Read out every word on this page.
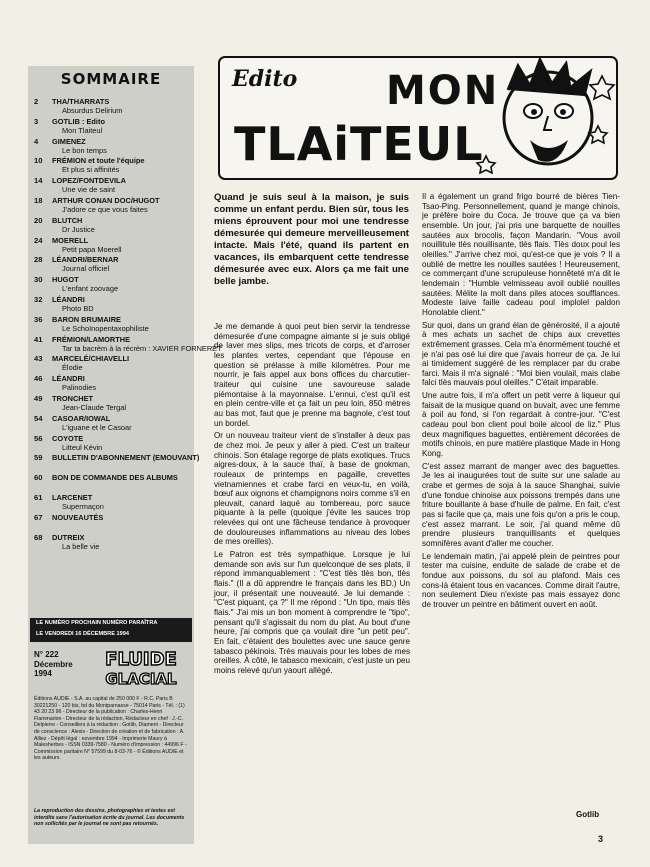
SOMMAIRE
2	THA/THARRATS
Absurdus Delirium
3	GOTLIB : Edito
Mon Tlaiteul
4	GIMENEZ
Le bon temps
10	FRÉMION et toute l'équipe
Et plus si affinités
14	LOPEZ/FONTDEVILA
Une vie de saint
18	ARTHUR CONAN DOC/HUGOT
J'adore ce que vous faites
20	BLUTCH
Dr Justice
24	MOERELL
Petit papa Moerell
28	LÉANDRI/BERNAR
Journal officiel
30	HUGOT
L'enfant zoovage
32	LÉANDRI
Photo BD
36	BARON BRUMAIRE
Le Schoïnopentaxophiliste
41	FRÉMION/LAMORTHE
Tar ta bacrèm à la récrèm : XAVIER FORNERET
43	MARCELÉ/CHIAVELLI
Élodie
46	LÉANDRI
Palinodies
49	TRONCHET
Jean-Claude Tergal
54	CASOAR/IOWAL
L'iguane et le Casoar
56	COYOTE
Litteul Kévin
59	BULLETIN D'ABONNEMENT (EMOUVANT)
60	BON DE COMMANDE DES ALBUMS
61	LARCENET
Supermaçon
67	NOUVEAUTÉS
68	DUTREIX
La belle vie
LE NUMÉRO PROCHAIN NUMÉRO PARAÎTRA
LE VENDREDI 16 DÉCEMBRE 1994
N° 222
Décembre
1994
FLUIDE
GLACIAL
Éditions AUDIE - S.A. au capital de 250 000 F - R.C. Paris B 30221250 - 120 bis, bd du Montparnasse - 75014 Paris - Tél. : (1) 43 20 23 96 - Directeur de la publication : Charles-Henri Flammarion - Directeur de la rédaction, Rédacteur en chef : J.-C. Delpierre - Conseillers à la rédaction : Gotlib, Diament - Directeur de conscience : Alexis - Direction de création et de fabrication : A. Alliez - Dépôt légal : novembre 1994 - Imprimerie Maury à Malesherbes - ISSN 0339-7580 - Numéro d'impression : 44996 F - Commission paritaire N° 57599 du 8-03-76 - © Éditions AUDIE et les auteurs.
La reproduction des dessins, photographies et textes est interdite sans l'autorisation écrite du journal. Les documents non sollicités par le journal ne sont pas retournés.
Edito MON
TLAiTEUL
Quand je suis seul à la maison, je suis comme un enfant perdu. Bien sûr, tous les miens éprouvent pour moi une tendresse démesurée qui demeure merveilleusement intacte. Mais l'été, quand ils partent en vacances, ils embarquent cette tendresse démesurée avec eux. Alors ça me fait une belle jambe.

Je me demande à quoi peut bien servir la tendresse démesurée d'une compagne aimante si je suis obligé de laver mes slips, mes tricots de corps, et d'arroser les plantes vertes, cependant que l'épouse en question se prélasse à mille kilomètres. Pour me nourrir, je fais appel aux bons offices du charcutier-traiteur qui cuisine une savoureuse salade piémontaise à la mayonnaise. L'ennui, c'est qu'il est en plein centre-ville et ça fait un peu loin, 850 mètres au bas mot, faut que je prenne ma bagnole, c'est tout un bordel.

Or un nouveau traiteur vient de s'installer à deux pas de chez moi. Je peux y aller à pied. C'est un traiteur chinois. Son étalage regorge de plats exotiques. Trucs aigres-doux, à la sauce thaï, à base de gnokman, rouleaux de printemps en pagaille, crevettes vietnamiennes et crabe farci en veux-tu, en voilà, bœuf aux oignons et champignons noirs comme s'il en pleuvait, canard laqué au tombereau, porc sauce piquante à la pelle (quoique j'évite les sauces trop relevées qui ont une fâcheuse tendance à provoquer de douloureuses inflammations au niveau des lobes de mes oreilles).

Le Patron est très sympathique. Lorsque je lui demande son avis sur l'un quelconque de ses plats, il répond immanquablement : "C'est tlès tlès bon, tlès flais." (Il a dû apprendre le français dans les BD.) Un jour, il présentait une nouveauté. Je lui demande : "C'est piquant, ça ?" Il me répond : "Un tipo, mais tlès flais." J'ai mis un bon moment à comprendre le "tipo", pensant qu'il s'agissait du nom du plat. Au bout d'une heure, j'ai compris que ça voulait dire "un petit peu". En fait, c'étaient des boulettes avec une sauce genre tabasco pékinois. Très mauvais pour les lobes de mes oreilles. À côté, le tabasco mexicain, c'est juste un peu moins relevé qu'un yaourt allégé.

Il a également un grand frigo bourré de bières Tien-Tsao-Ping. Personnellement, quand je mange chinois, je préfère boire du Coca. Je trouve que ça va bien ensemble. Un jour, j'ai pris une barquette de nouilles sautées aux brocolis, façon Mandarin. "Vous avoil nouillitule tlès nouillisante, tlès flais. Tlès doux poul les oleilles." J'arrive chez moi, qu'est-ce que je vois ? Il a oublié de mettre les nouilles sautées ! Heureusement, ce commerçant d'une scrupuleuse honnêteté m'a dit le lendemain : "Humble velmisseau avoil oublié nouilles sautées. Mélite la molt dans piles atoces soufflances. Modeste laive faille cadeau poul implolel paldon Honolable client."

Sur quoi, dans un grand élan de générosité, il a ajouté à mes achats un sachet de chips aux crevettes extrêmement grasses. Cela m'a énormément touché et je n'ai pas osé lui dire que j'avais horreur de ça. Je lui ai timidement suggéré de les remplacer par du crabe farci. Mais il m'a signalé : "Moi bien voulail, mais clabe falci tlès mauvais poul oleilles." C'était imparable.

Une autre fois, il m'a offert un petit verre à liqueur qui faisait de la musique quand on buvait, avec une femme à poil au fond, si l'on regardait à contre-jour. "C'est cadeau poul bon client poul boile alcool de liz." Plus deux magnifiques baguettes, entièrement décorées de motifs chinois, en pure matière plastique Made in Hong Kong.

C'est assez marrant de manger avec des baguettes. Je les ai inaugurées tout de suite sur une salade au crabe et germes de soja à la sauce Shanghai, suivie d'une fondue chinoise aux poissons trempés dans une friture bouillante à base d'huile de palme. En fait, c'est pas si facile que ça, mais une fois qu'on a pris le coup, c'est assez marrant. Le soir, j'ai quand même dû prendre plusieurs tranquillisants et quelques somnifères avant d'aller me coucher.

Le lendemain matin, j'ai appelé plein de peintres pour tester ma cuisine, enduite de salade de crabe et de fondue aux poissons, du sol au plafond. Mais ces cons-là étaient tous en vacances. Comme dirait l'autre, non seulement Dieu n'existe pas mais essayez donc de trouver un peintre en bâtiment ouvert en août.

Gotlib
3
